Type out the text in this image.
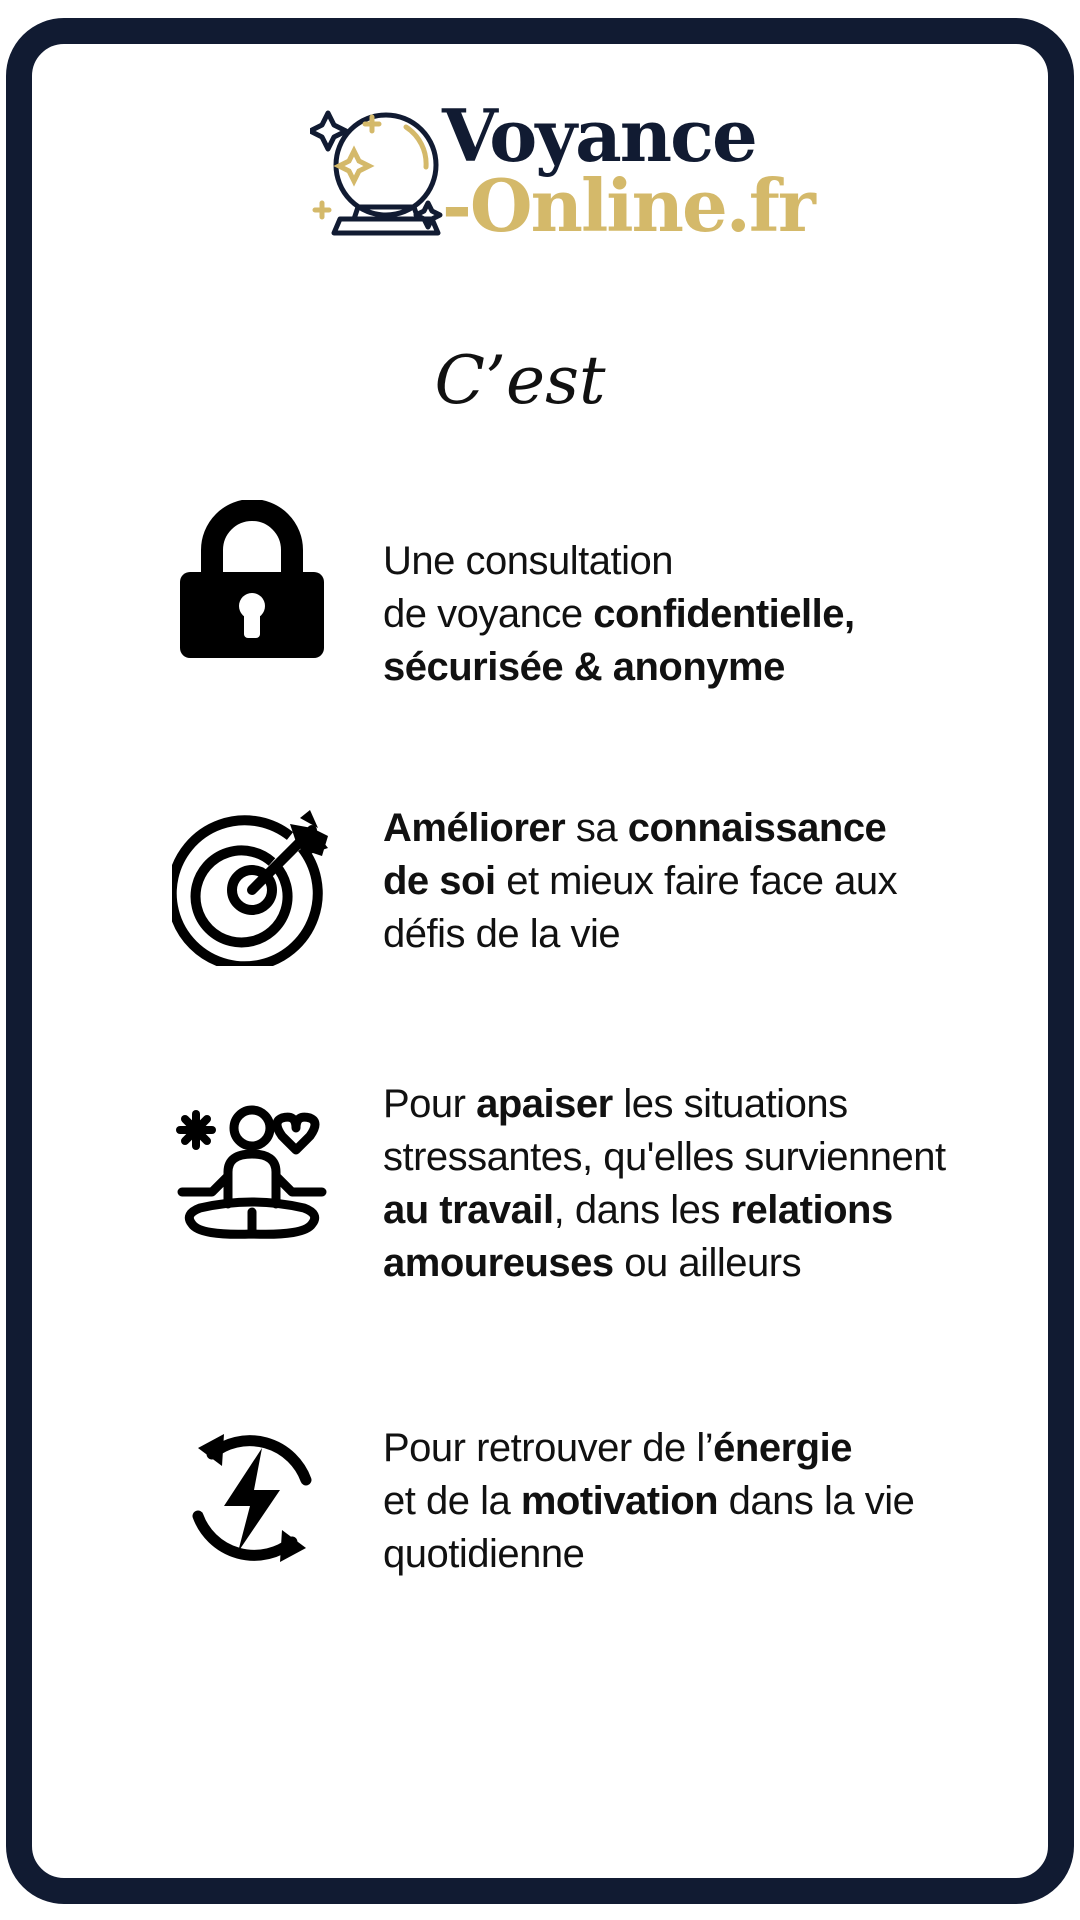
Voyance
-Online.fr
C’est
Une consultation
de voyance confidentielle,
sécurisée & anonyme
Améliorer sa connaissance
de soi et mieux faire face aux
défis de la vie
Pour apaiser les situations
stressantes, qu'elles surviennent
au travail, dans les relations
amoureuses ou ailleurs
Pour retrouver de l’énergie
et de la motivation dans la vie
quotidienne
